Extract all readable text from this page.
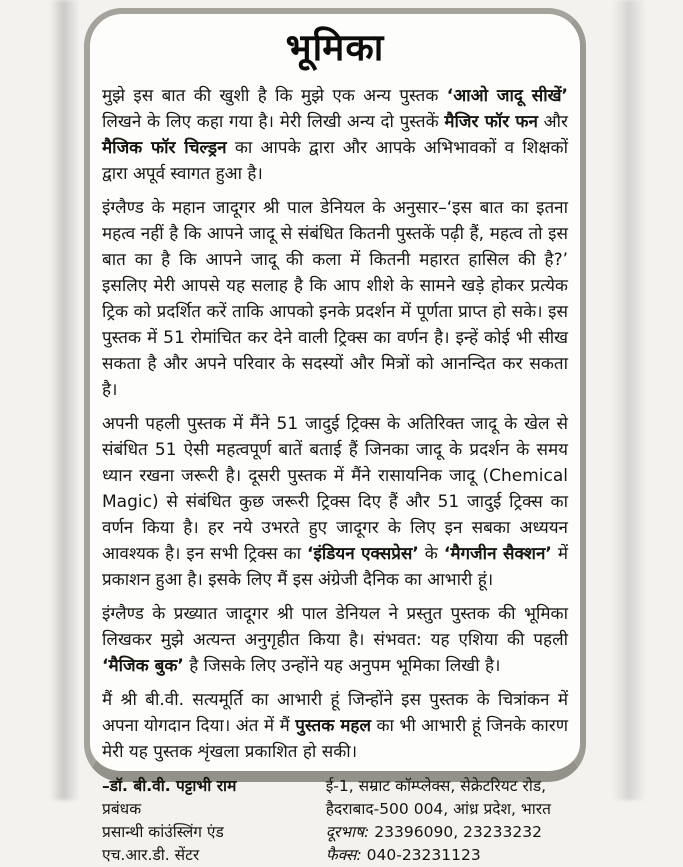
भूमिका

मुझे इस बात की खुशी है कि मुझे एक अन्य पुस्तक ‘आओ जादू सीखें’ लिखने के लिए कहा गया है। मेरी लिखी अन्य दो पुस्तकें मैजिर फॉर फन और मैजिक फॉर चिल्ड्रन का आपके द्वारा और आपके अभिभावकों व शिक्षकों द्वारा अपूर्व स्वागत हुआ है।

इंग्लैण्ड के महान जादूगर श्री पाल डेनियल के अनुसार–‘इस बात का इतना महत्व नहीं है कि आपने जादू से संबंधित कितनी पुस्तकें पढ़ी हैं, महत्व तो इस बात का है कि आपने जादू की कला में कितनी महारत हासिल की है?’ इसलिए मेरी आपसे यह सलाह है कि आप शीशे के सामने खड़े होकर प्रत्येक ट्रिक को प्रदर्शित करें ताकि आपको इनके प्रदर्शन में पूर्णता प्राप्त हो सके। इस पुस्तक में 51 रोमांचित कर देने वाली ट्रिक्स का वर्णन है। इन्हें कोई भी सीख सकता है और अपने परिवार के सदस्यों और मित्रों को आनन्दित कर सकता है।

अपनी पहली पुस्तक में मैंने 51 जादुई ट्रिक्स के अतिरिक्त जादू के खेल से संबंधित 51 ऐसी महत्वपूर्ण बातें बताई हैं जिनका जादू के प्रदर्शन के समय ध्यान रखना जरूरी है। दूसरी पुस्तक में मैंने रासायनिक जादू (Chemical Magic) से संबंधित कुछ जरूरी ट्रिक्स दिए हैं और 51 जादुई ट्रिक्स का वर्णन किया है। हर नये उभरते हुए जादूगर के लिए इन सबका अध्ययन आवश्यक है। इन सभी ट्रिक्स का ‘इंडियन एक्सप्रेस’ के ‘मैगजीन सैक्शन’ में प्रकाशन हुआ है। इसके लिए मैं इस अंग्रेजी दैनिक का आभारी हूं।

इंग्लैण्ड के प्रख्यात जादूगर श्री पाल डेनियल ने प्रस्तुत पुस्तक की भूमिका लिखकर मुझे अत्यन्त अनुगृहीत किया है। संभवत: यह एशिया की पहली ‘मैजिक बुक’ है जिसके लिए उन्होंने यह अनुपम भूमिका लिखी है।

मैं श्री बी.वी. सत्यमूर्ति का आभारी हूं जिन्होंने इस पुस्तक के चित्रांकन में अपना योगदान दिया। अंत में मैं पुस्तक महल का भी आभारी हूं जिनके कारण मेरी यह पुस्तक शृंखला प्रकाशित हो सकी।

–डॉ. बी.वी. पट्टाभी राम
प्रबंधक
प्रसान्थी कांउंस्लिंग एंड
एच.आर.डी. सेंटर
ई-1, सम्राट कॉम्प्लेक्स, सेक्रेटरियट रोड,
हैदराबाद-500 004, आंध्र प्रदेश, भारत
दूरभाष: 23396090, 23233232
फैक्स: 040-23231123
